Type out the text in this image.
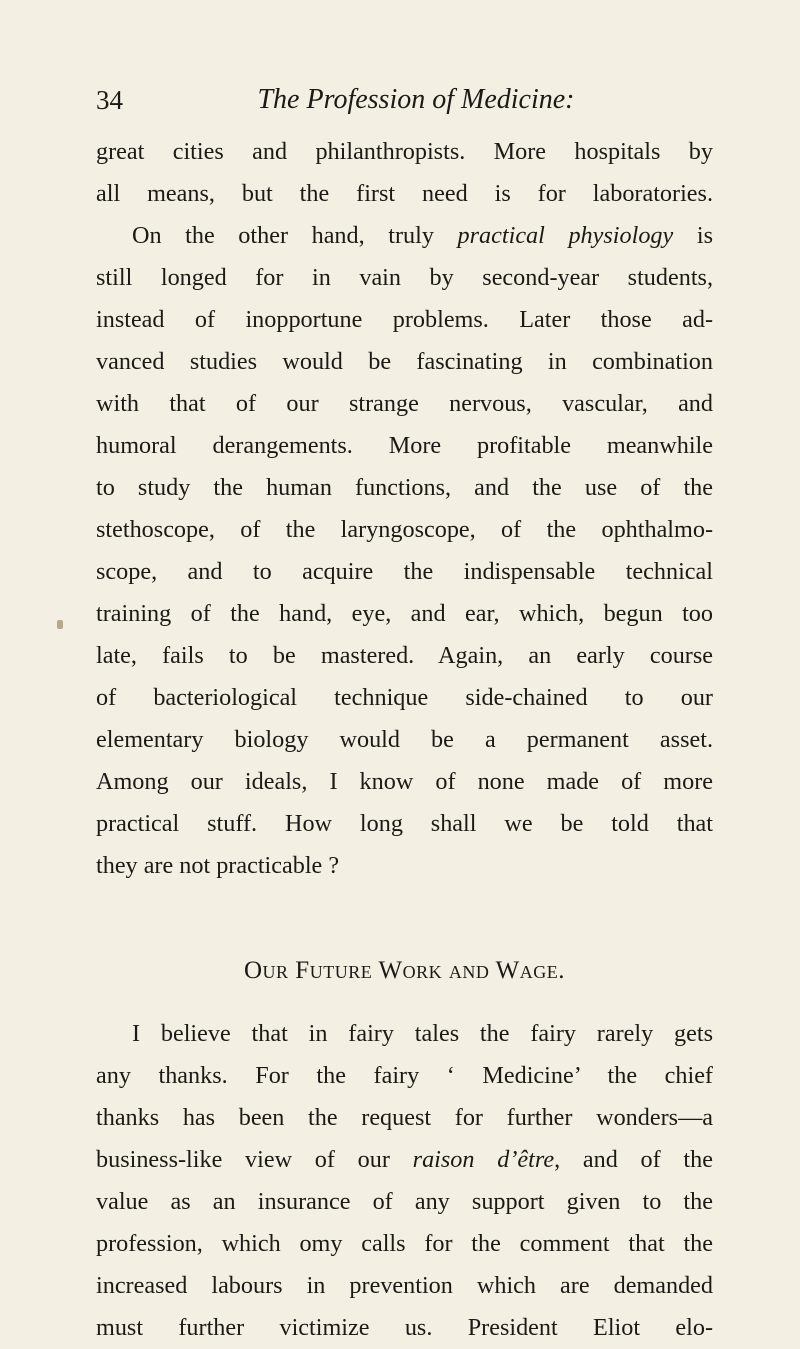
34	The Profession of Medicine:
great cities and philanthropists. More hospitals by
all means, but the first need is for laboratories.
On the other hand, truly practical physiology is
still longed for in vain by second-year students,
instead of inopportune problems. Later those ad-
vanced studies would be fascinating in combination
with that of our strange nervous, vascular, and
humoral derangements. More profitable meanwhile
to study the human functions, and the use of the
stethoscope, of the laryngoscope, of the ophthalmo-
scope, and to acquire the indispensable technical
training of the hand, eye, and ear, which, begun too
late, fails to be mastered. Again, an early course
of bacteriological technique side-chained to our
elementary biology would be a permanent asset.
Among our ideals, I know of none made of more
practical stuff. How long shall we be told that
they are not practicable ?
Our Future Work and Wage.
I believe that in fairy tales the fairy rarely gets
any thanks. For the fairy ‘ Medicine’ the chief
thanks has been the request for further wonders—a
business-like view of our raison d’être, and of the
value as an insurance of any support given to the
profession, which omy calls for the comment that the
increased labours in prevention which are demanded
must further victimize us. President Eliot elo-
